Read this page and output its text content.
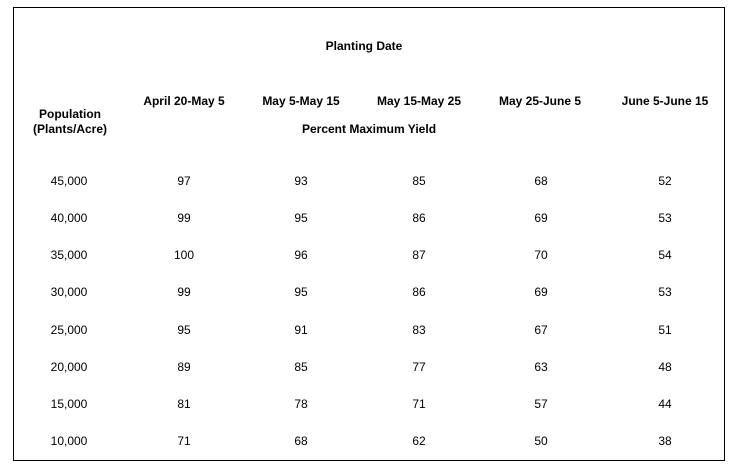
Planting Date
Population
(Plants/Acre)
April 20-May 5	May 5-May 15	May 15-May 25	May 25-June 5	June 5-June 15
Percent Maximum Yield
45,000	97	93	85	68	52
40,000	99	95	86	69	53
35,000	100	96	87	70	54
30,000	99	95	86	69	53
25,000	95	91	83	67	51
20,000	89	85	77	63	48
15,000	81	78	71	57	44
10,000	71	68	62	50	38
